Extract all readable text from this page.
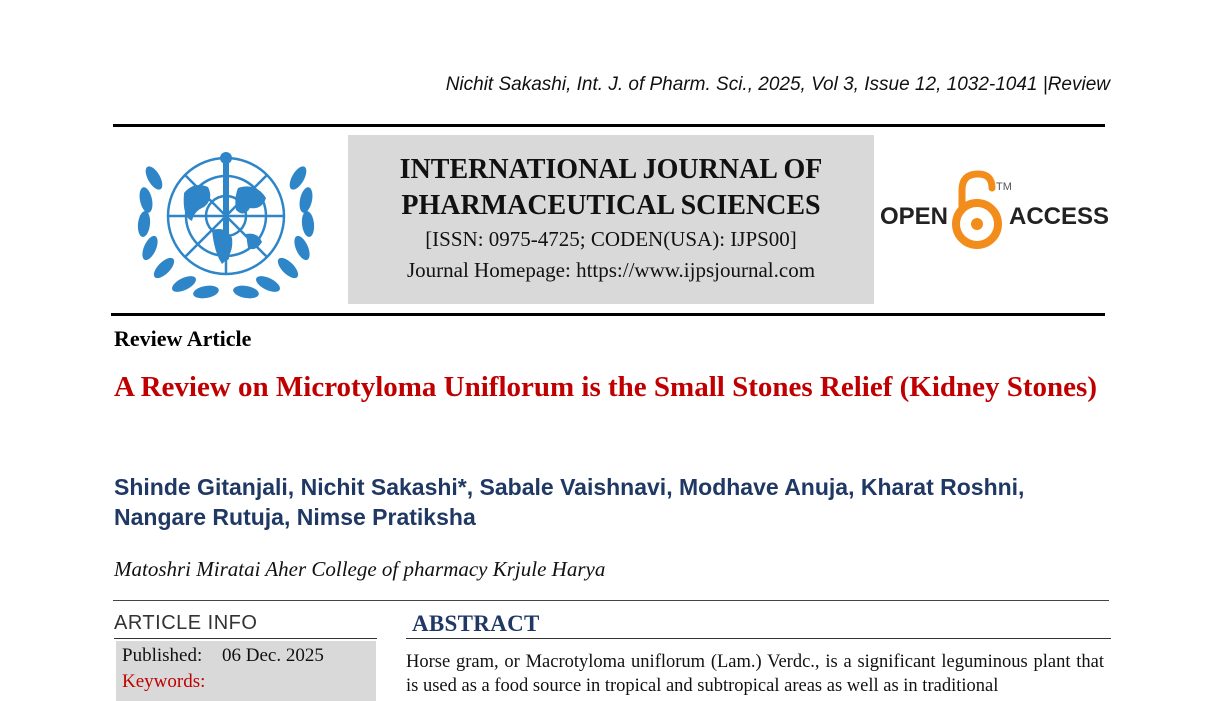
Nichit Sakashi, Int. J. of Pharm. Sci., 2025, Vol 3, Issue 12, 1032-1041 |Review
INTERNATIONAL JOURNAL OF
PHARMACEUTICAL SCIENCES
[ISSN: 0975-4725; CODEN(USA): IJPS00]
Journal Homepage: https://www.ijpsjournal.com
OPEN
TM
ACCESS
Review Article
A Review on Microtyloma Uniflorum is the Small Stones Relief (Kidney Stones)
Shinde Gitanjali, Nichit Sakashi*, Sabale Vaishnavi, Modhave Anuja, Kharat Roshni, Nangare Rutuja, Nimse Pratiksha
Matoshri Miratai Aher College of pharmacy Krjule Harya
ARTICLE INFO
Published: 06 Dec. 2025
Keywords:
ABSTRACT
Horse gram, or Macrotyloma uniflorum (Lam.) Verdc., is a significant leguminous plant that is used as a food source in tropical and subtropical areas as well as in traditional
